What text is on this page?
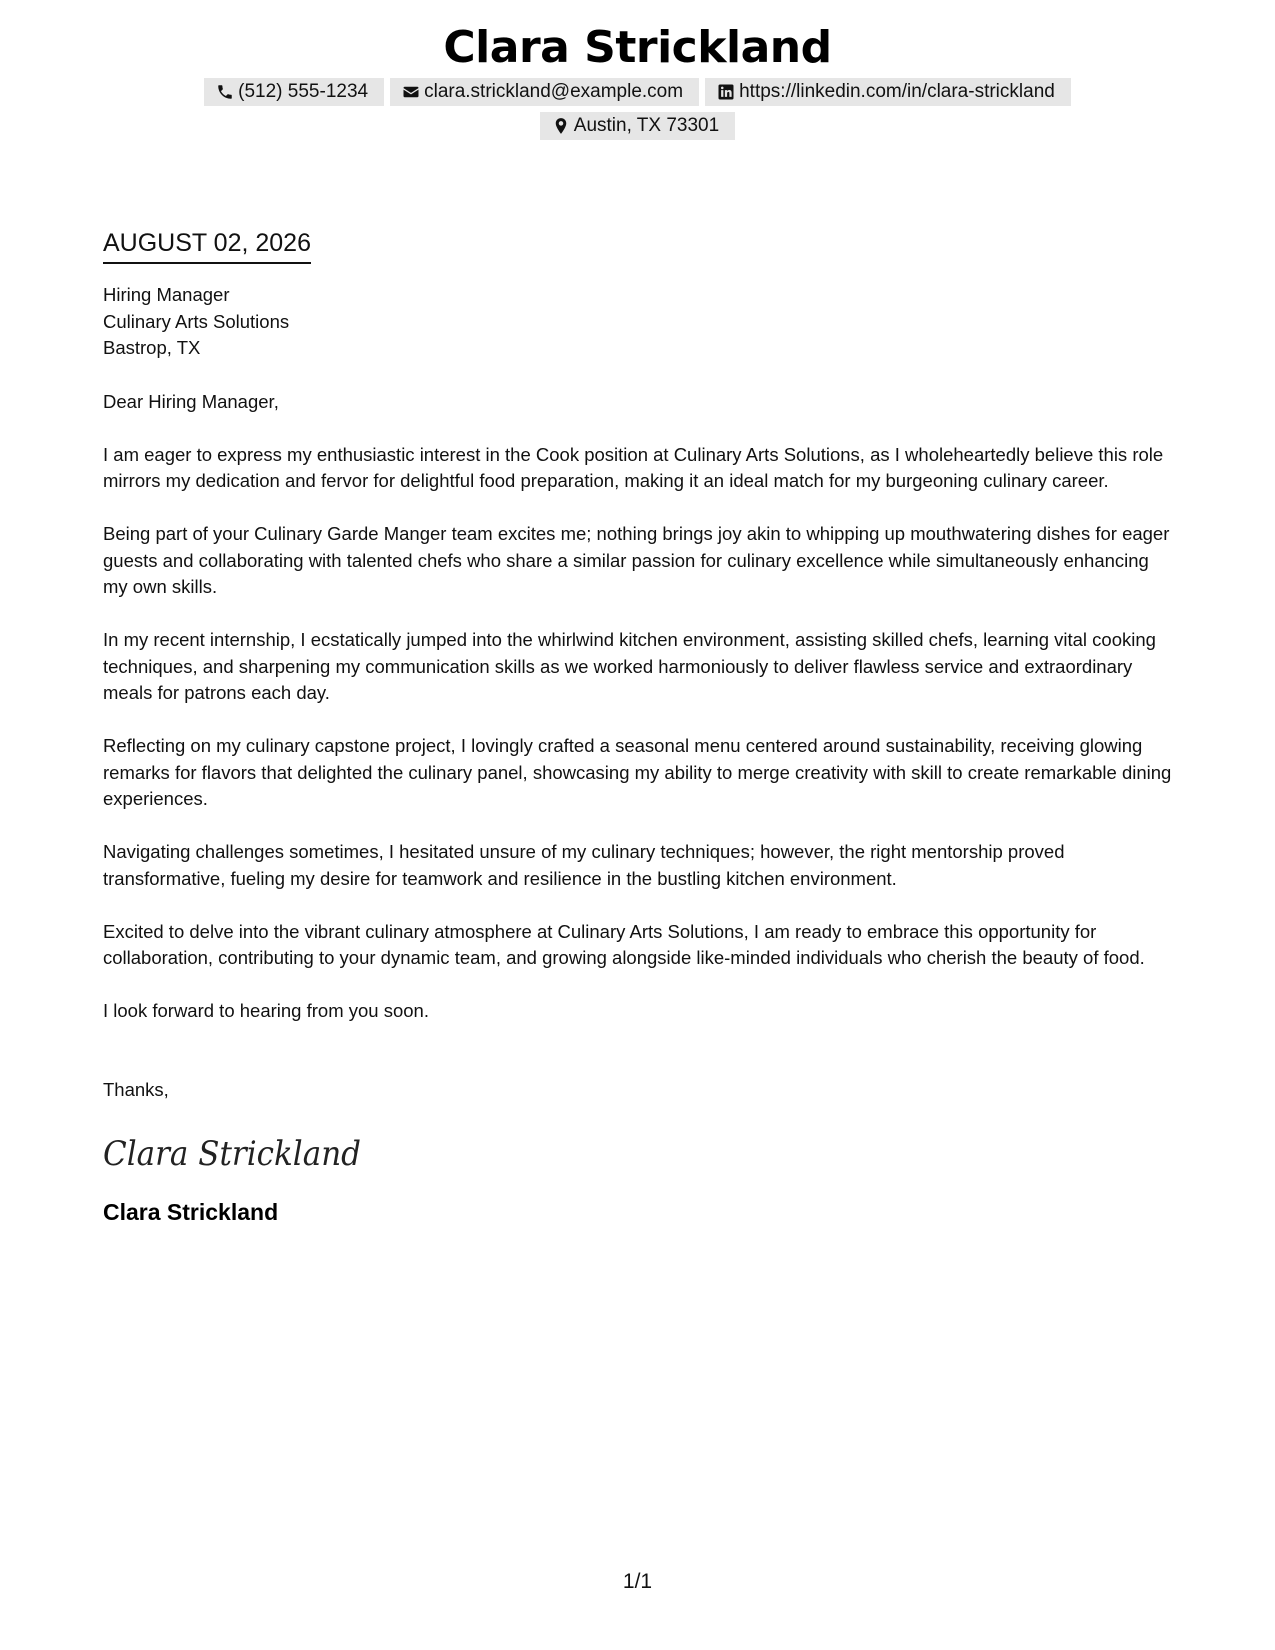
Clara Strickland
(512) 555-1234	clara.strickland@example.com	https://linkedin.com/in/clara-strickland
Austin, TX 73301
AUGUST 02, 2026
Hiring Manager
Culinary Arts Solutions
Bastrop, TX
Dear Hiring Manager,
I am eager to express my enthusiastic interest in the Cook position at Culinary Arts Solutions, as I wholeheartedly believe this role mirrors my dedication and fervor for delightful food preparation, making it an ideal match for my burgeoning culinary career.
Being part of your Culinary Garde Manger team excites me; nothing brings joy akin to whipping up mouthwatering dishes for eager guests and collaborating with talented chefs who share a similar passion for culinary excellence while simultaneously enhancing my own skills.
In my recent internship, I ecstatically jumped into the whirlwind kitchen environment, assisting skilled chefs, learning vital cooking techniques, and sharpening my communication skills as we worked harmoniously to deliver flawless service and extraordinary meals for patrons each day.
Reflecting on my culinary capstone project, I lovingly crafted a seasonal menu centered around sustainability, receiving glowing remarks for flavors that delighted the culinary panel, showcasing my ability to merge creativity with skill to create remarkable dining experiences.
Navigating challenges sometimes, I hesitated unsure of my culinary techniques; however, the right mentorship proved transformative, fueling my desire for teamwork and resilience in the bustling kitchen environment.
Excited to delve into the vibrant culinary atmosphere at Culinary Arts Solutions, I am ready to embrace this opportunity for collaboration, contributing to your dynamic team, and growing alongside like-minded individuals who cherish the beauty of food.
I look forward to hearing from you soon.
Thanks,
Clara Strickland
Clara Strickland
1/1
